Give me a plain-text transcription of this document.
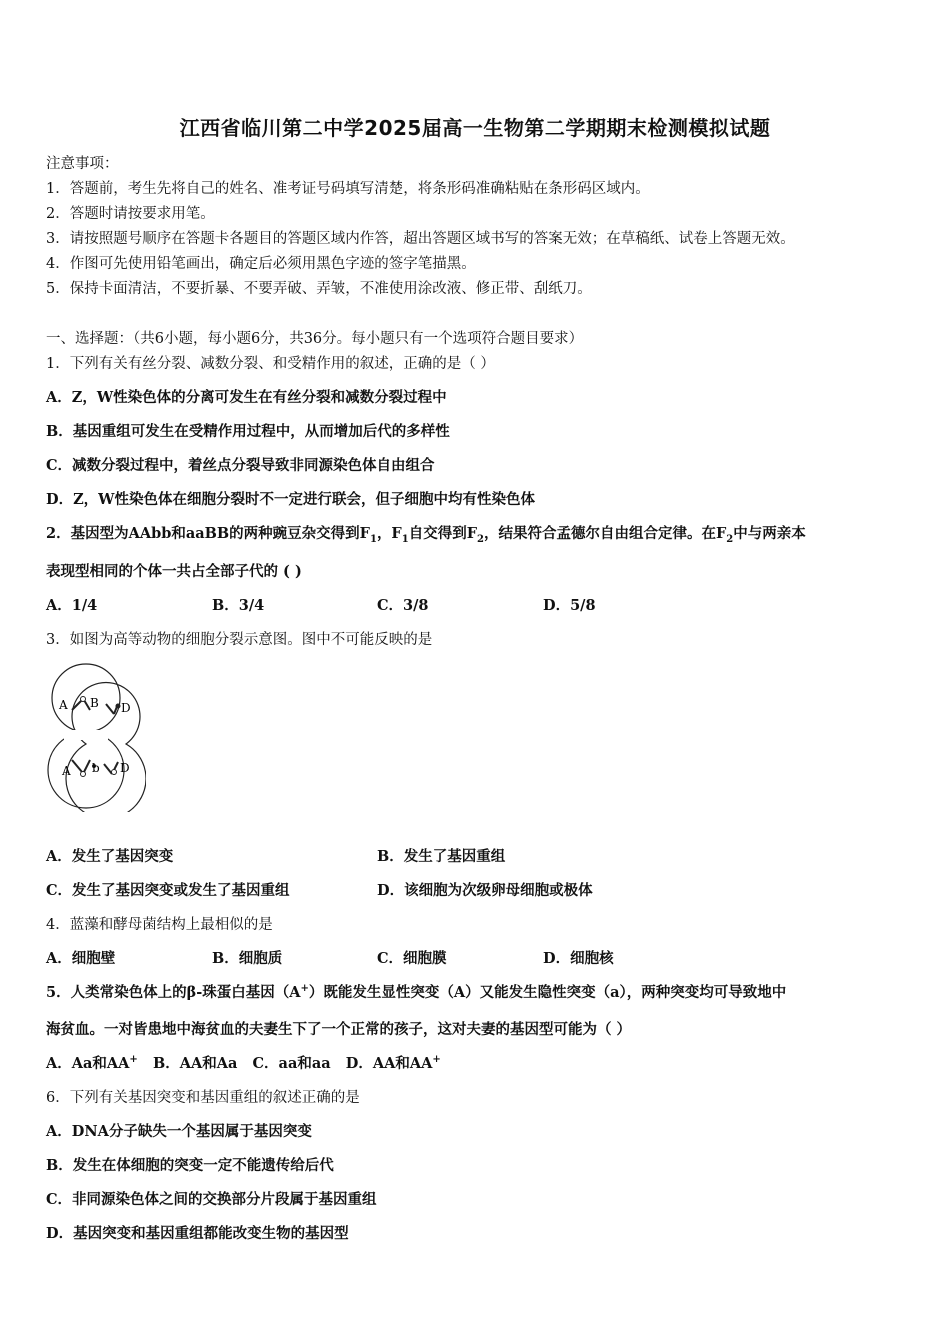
江西省临川第二中学2025届高一生物第二学期期末检测模拟试题
注意事项：
1．答题前，考生先将自己的姓名、准考证号码填写清楚，将条形码准确粘贴在条形码区域内。
2．答题时请按要求用笔。
3．请按照题号顺序在答题卡各题目的答题区域内作答，超出答题区域书写的答案无效；在草稿纸、试卷上答题无效。
4．作图可先使用铅笔画出，确定后必须用黑色字迹的签字笔描黑。
5．保持卡面清洁，不要折暴、不要弄破、弄皱，不准使用涂改液、修正带、刮纸刀。
一、选择题：（共6小题，每小题6分，共36分。每小题只有一个选项符合题目要求）
1．下列有关有丝分裂、减数分裂、和受精作用的叙述，正确的是（ ）
A．Z，W性染色体的分离可发生在有丝分裂和减数分裂过程中
B．基因重组可发生在受精作用过程中，从而增加后代的多样性
C．减数分裂过程中，着丝点分裂导致非同源染色体自由组合
D．Z，W性染色体在细胞分裂时不一定进行联会，但子细胞中均有性染色体
2．基因型为AAbb和aaBB的两种豌豆杂交得到$F_1$，$F_1$自交得到$F_2$，结果符合孟德尔自由组合定律。在$F_2$中与两亲本
表现型相同的个体一共占全部子代的 ( )
A．1/4	B．3/4	C．3/8	D．5/8
3．如图为高等动物的细胞分裂示意图。图中不可能反映的是
A B D
A b D
A．发生了基因突变	B．发生了基因重组
C．发生了基因突变或发生了基因重组	D．该细胞为次级卵母细胞或极体
4．蓝藻和酵母菌结构上最相似的是
A．细胞壁	B．细胞质	C．细胞膜	D．细胞核
5．人类常染色体上的β-珠蛋白基因（A+）既能发生显性突变（A）又能发生隐性突变（a），两种突变均可导致地中
海贫血。一对皆患地中海贫血的夫妻生下了一个正常的孩子，这对夫妻的基因型可能为（ ）
A．Aa和AA+ B．AA和Aa C．aa和aa D．AA和AA+
6．下列有关基因突变和基因重组的叙述正确的是
A．DNA分子缺失一个基因属于基因突变
B．发生在体细胞的突变一定不能遗传给后代
C．非同源染色体之间的交换部分片段属于基因重组
D．基因突变和基因重组都能改变生物的基因型
